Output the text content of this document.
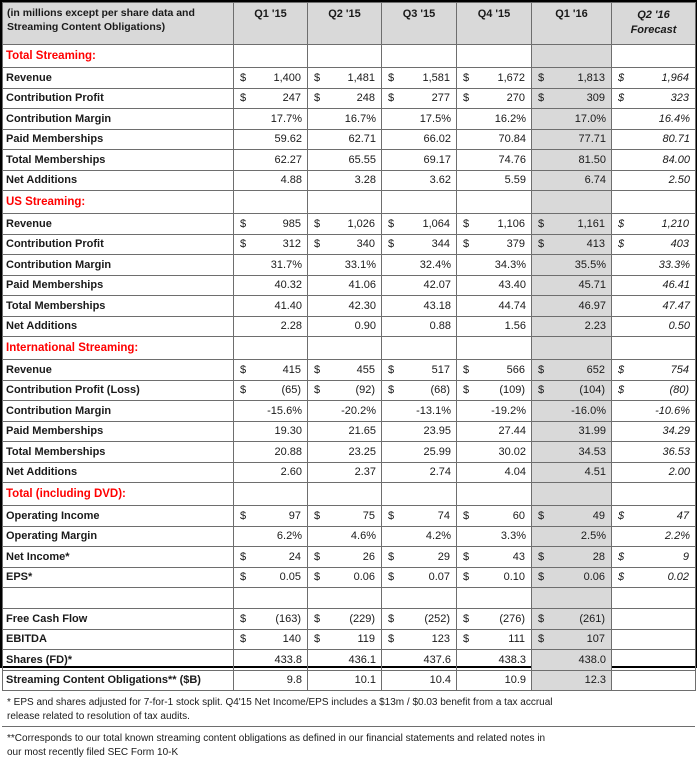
(in millions except per share data and
Streaming Content Obligations)
	Q1 '15	Q2 '15	Q3 '15	Q4 '15	Q1 '16	Q2 '16
Forecast

Total Streaming:						
Revenue	$ 1,400	$ 1,481	$ 1,581	$ 1,672	$ 1,813	$ 1,964

Contribution Profit	$ 247	$ 248	$ 277	$ 270	$ 309	$ 323

Contribution Margin	17.7%	16.7%	17.5%	16.2%	17.0%	16.4%
Paid Memberships	59.62	62.71	66.02	70.84	77.71	80.71
Total Memberships	62.27	65.55	69.17	74.76	81.50	84.00
Net Additions	4.88	3.28	3.62	5.59	6.74	2.50
US Streaming:						
Revenue	$ 985	$ 1,026	$ 1,064	$ 1,106	$ 1,161	$ 1,210

Contribution Profit	$ 312	$ 340	$ 344	$ 379	$ 413	$ 403

Contribution Margin	31.7%	33.1%	32.4%	34.3%	35.5%	33.3%
Paid Memberships	40.32	41.06	42.07	43.40	45.71	46.41
Total Memberships	41.40	42.30	43.18	44.74	46.97	47.47
Net Additions	2.28	0.90	0.88	1.56	2.23	0.50
International Streaming:						
Revenue	$ 415	$ 455	$ 517	$ 566	$ 652	$ 754

Contribution Profit (Loss)	$ (65)	$ (92)	$ (68)	$ (109)	$ (104)	$ (80)

Contribution Margin	-15.6%	-20.2%	-13.1%	-19.2%	-16.0%	-10.6%
Paid Memberships	19.30	21.65	23.95	27.44	31.99	34.29
Total Memberships	20.88	23.25	25.99	30.02	34.53	36.53
Net Additions	2.60	2.37	2.74	4.04	4.51	2.00
Total (including DVD):						
Operating Income	$ 97	$ 75	$ 74	$ 60	$ 49	$ 47

Operating Margin	6.2%	4.6%	4.2%	3.3%	2.5%	2.2%
Net Income*	$ 24	$ 26	$ 29	$ 43	$ 28	$ 9

EPS*	$ 0.05	$ 0.06	$ 0.07	$ 0.10	$ 0.06	$ 0.02

Free Cash Flow	$ (163)	$ (229)	$ (252)	$ (276)	$ (261)	

EBITDA	$ 140	$ 119	$ 123	$ 111	$ 107	

Shares (FD)*	433.8	436.1	437.6	438.3	438.0	
Streaming Content Obligations** ($B)	9.8	10.1	10.4	10.9	12.3	
* EPS and shares adjusted for 7-for-1 stock split. Q4'15 Net Income/EPS includes a $13m / $0.03 benefit from a tax accrual
release related to resolution of tax audits.
**Corresponds to our total known streaming content obligations as defined in our financial statements and related notes in
our most recently filed SEC Form 10-K
